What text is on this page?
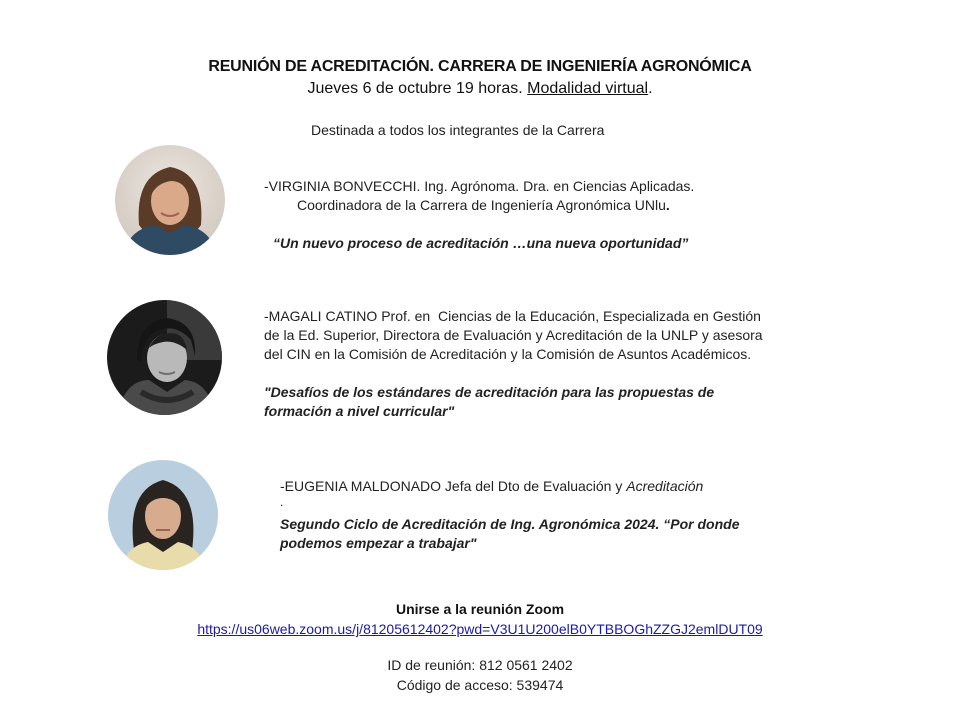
REUNIÓN DE ACREDITACIÓN. CARRERA DE INGENIERÍA AGRONÓMICA
Jueves 6 de octubre 19 horas. Modalidad virtual.
Destinada a todos los integrantes de la Carrera
-VIRGINIA BONVECCHI. Ing. Agrónoma. Dra. en Ciencias Aplicadas.
Coordinadora de la Carrera de Ingeniería Agronómica UNlu.
“Un nuevo proceso de acreditación …una nueva oportunidad”
-MAGALI CATINO Prof. en  Ciencias de la Educación, Especializada en Gestión
de la Ed. Superior, Directora de Evaluación y Acreditación de la UNLP y asesora
del CIN en la Comisión de Acreditación y la Comisión de Asuntos Académicos.
"Desafíos de los estándares de acreditación para las propuestas de
formación a nivel curricular"
-EUGENIA MALDONADO Jefa del Dto de Evaluación y Acreditación
.
Segundo Ciclo de Acreditación de Ing. Agronómica 2024. “Por donde
podemos empezar a trabajar"
Unirse a la reunión Zoom
https://us06web.zoom.us/j/81205612402?pwd=V3U1U200elB0YTBBOGhZZGJ2emlDUT09
ID de reunión: 812 0561 2402
Código de acceso: 539474
